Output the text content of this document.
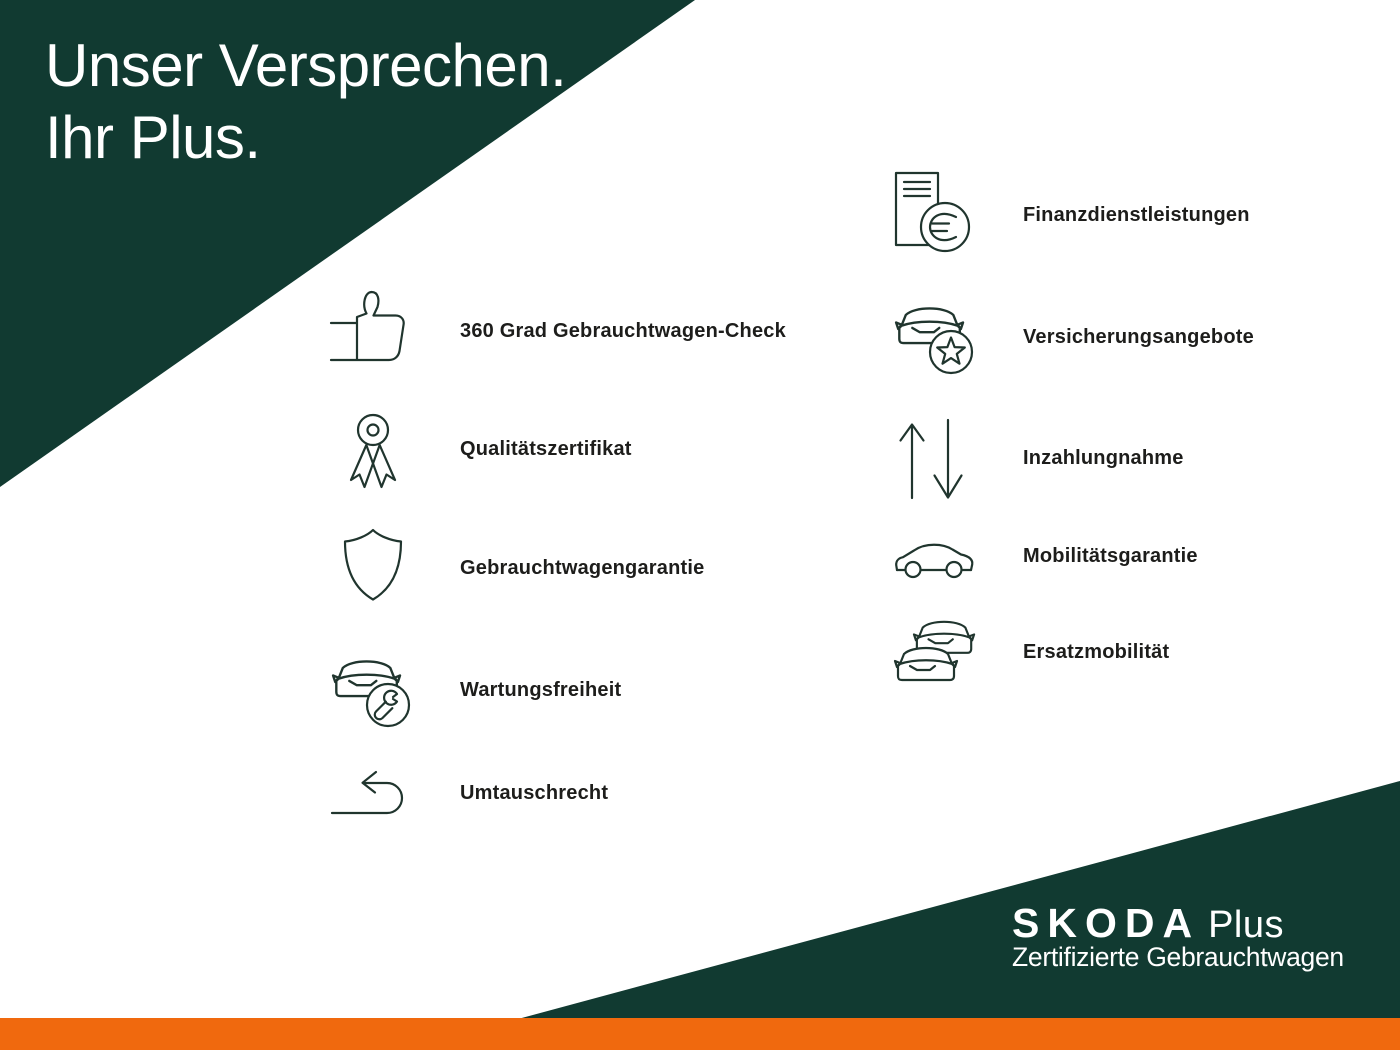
Unser Versprechen.
Ihr Plus.
360 Grad Gebrauchtwagen-Check
Qualitätszertifikat
Gebrauchtwagengarantie
Wartungsfreiheit
Umtauschrecht
Finanzdienstleistungen
Versicherungsangebote
Inzahlungnahme
Mobilitätsgarantie
Ersatzmobilität
SKODA Plus
Zertifizierte Gebrauchtwagen
